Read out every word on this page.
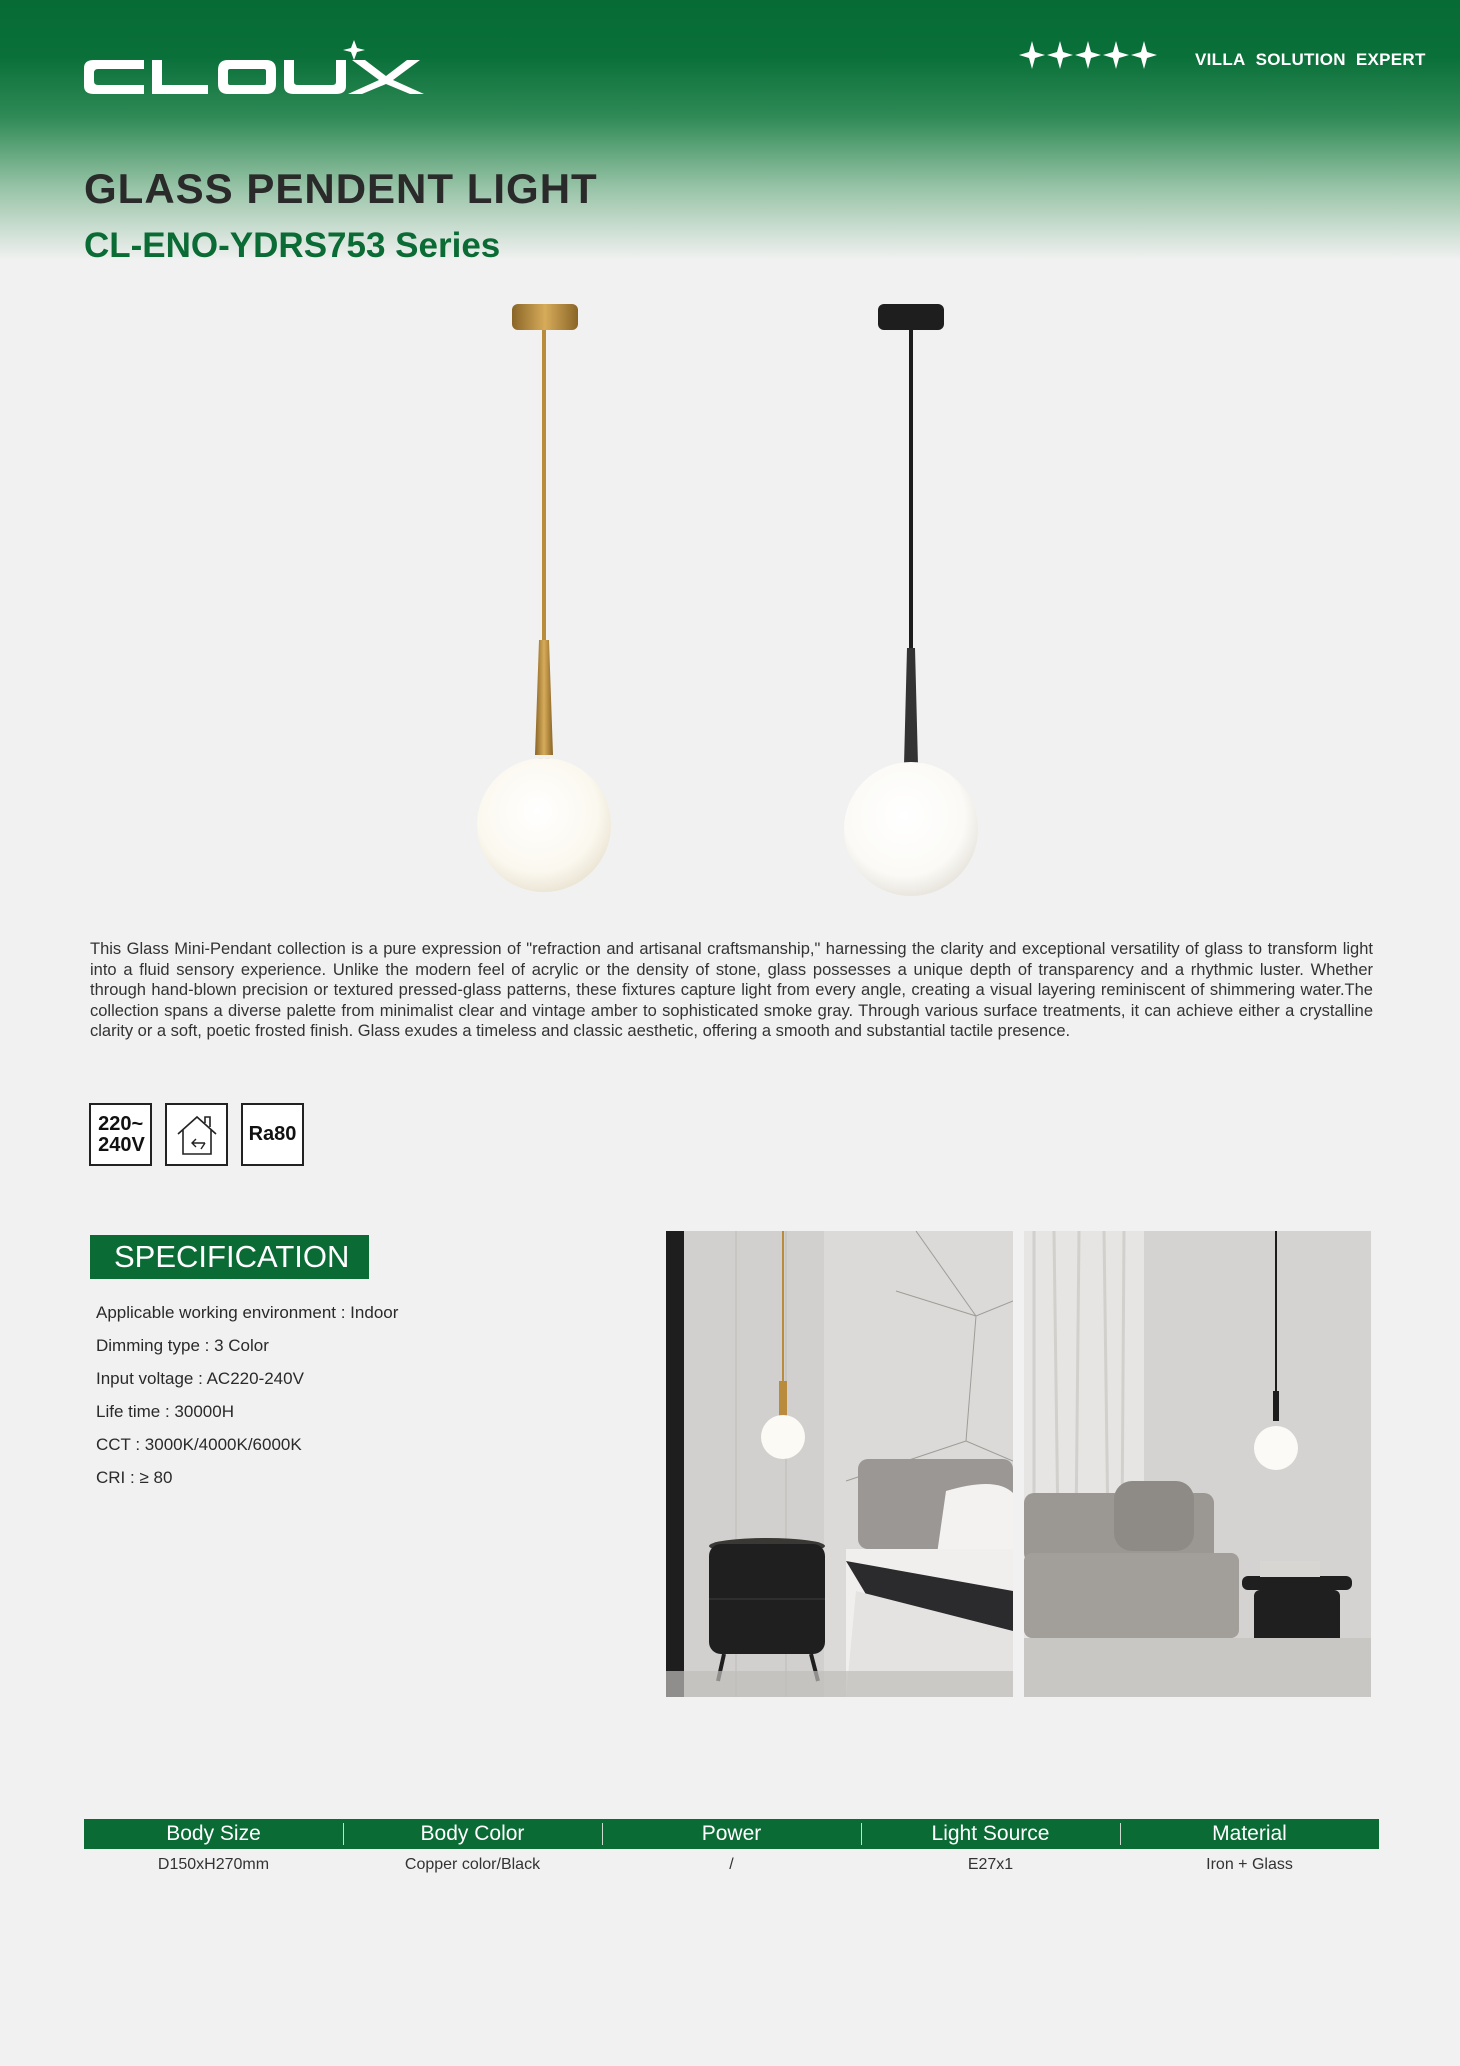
VILLA SOLUTION EXPERT
GLASS PENDENT LIGHT
CL-ENO-YDRS753 Series

This Glass Mini-Pendant collection is a pure expression of "refraction and artisanal craftsmanship," harnessing the clarity and exceptional versatility of glass to transform light into a fluid sensory experience. Unlike the modern feel of acrylic or the density of stone, glass possesses a unique depth of transparency and a rhythmic luster. Whether through hand-blown precision or textured pressed-glass patterns, these fixtures capture light from every angle, creating a visual layering reminiscent of shimmering water.The collection spans a diverse palette from minimalist clear and vintage amber to sophisticated smoke gray. Through various surface treatments, it can achieve either a crystalline clarity or a soft, poetic frosted finish. Glass exudes a timeless and classic aesthetic, offering a smooth and substantial tactile presence.

220~
240V	Ra80
SPECIFICATION
Applicable working environment : Indoor
Dimming type : 3 Color
Input voltage : AC220-240V
Life time : 30000H
CCT : 3000K/4000K/6000K
CRI : ≥ 80
Body Size	Body Color	Power	Light Source	Material
D150xH270mm	Copper color/Black	/	E27x1	Iron + Glass
